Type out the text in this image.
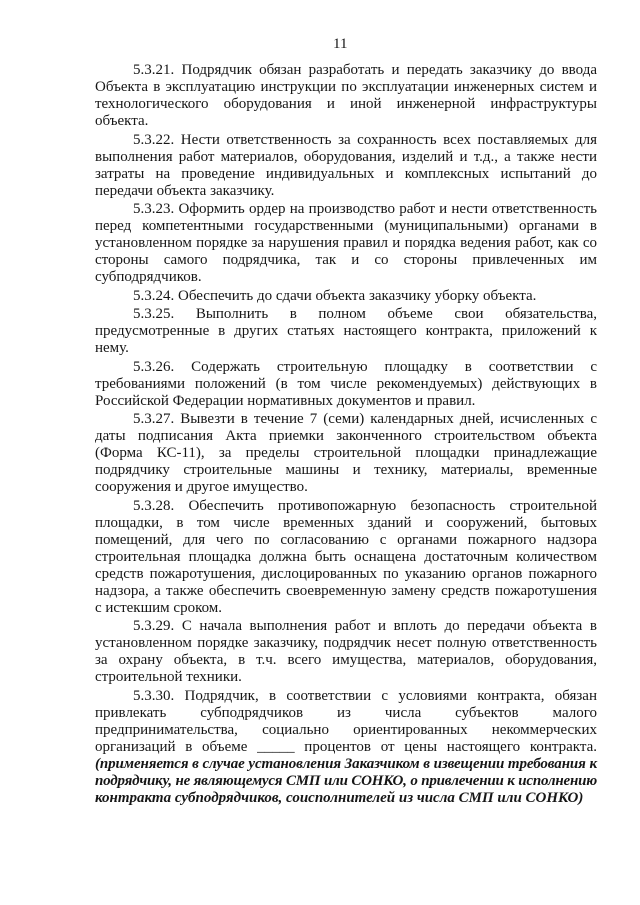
11
5.3.21. Подрядчик обязан разработать и передать заказчику до ввода
Объекта в эксплуатацию инструкции по эксплуатации инженерных систем и
технологического оборудования и иной инженерной инфраструктуры
объекта.
5.3.22. Нести ответственность за сохранность всех поставляемых для
выполнения работ материалов, оборудования, изделий и т.д., а также нести
затраты на проведение индивидуальных и комплексных испытаний до
передачи объекта заказчику.
5.3.23. Оформить ордер на производство работ и нести ответственность
перед компетентными государственными (муниципальными) органами в
установленном порядке за нарушения правил и порядка ведения работ, как со
стороны самого подрядчика, так и со стороны привлеченных им
субподрядчиков.
5.3.24. Обеспечить до сдачи объекта заказчику уборку объекта.
5.3.25. Выполнить в полном объеме свои обязательства,
предусмотренные в других статьях настоящего контракта, приложений к
нему.
5.3.26. Содержать строительную площадку в соответствии с
требованиями положений (в том числе рекомендуемых) действующих в
Российской Федерации нормативных документов и правил.
5.3.27. Вывезти в течение 7 (семи) календарных дней, исчисленных с
даты подписания Акта приемки законченного строительством объекта
(Форма КС-11), за пределы строительной площадки принадлежащие
подрядчику строительные машины и технику, материалы, временные
сооружения и другое имущество.
5.3.28. Обеспечить противопожарную безопасность строительной
площадки, в том числе временных зданий и сооружений, бытовых
помещений, для чего по согласованию с органами пожарного надзора
строительная площадка должна быть оснащена достаточным количеством
средств пожаротушения, дислоцированных по указанию органов пожарного
надзора, а также обеспечить своевременную замену средств пожаротушения
с истекшим сроком.
5.3.29. С начала выполнения работ и вплоть до передачи объекта в
установленном порядке заказчику, подрядчик несет полную ответственность
за охрану объекта, в т.ч. всего имущества, материалов, оборудования,
строительной техники.
5.3.30. Подрядчик, в соответствии с условиями контракта, обязан
привлекать субподрядчиков из числа субъектов малого
предпринимательства, социально ориентированных некоммерческих
организаций в объеме _____ процентов от цены настоящего контракта.
(применяется в случае установления Заказчиком в извещении требования к
подрядчику, не являющемуся СМП или СОНКО, о привлечении к исполнению
контракта субподрядчиков, соисполнителей из числа СМП или СОНКО)
